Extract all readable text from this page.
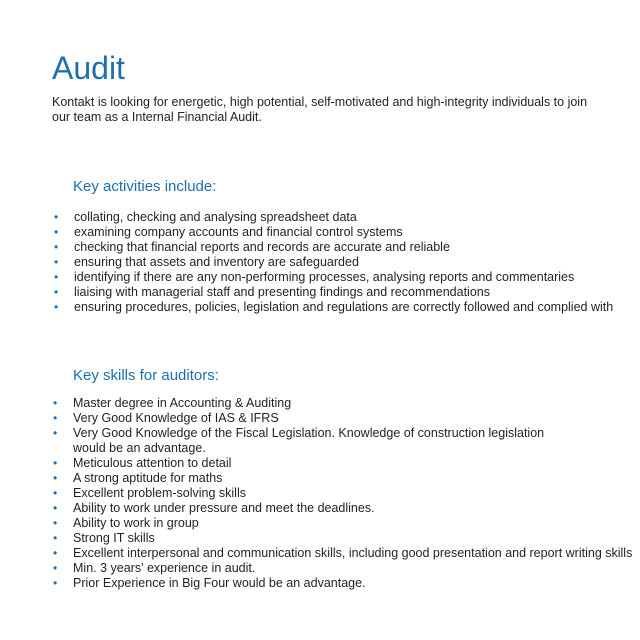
Audit

Kontakt is looking for energetic, high potential, self-motivated and high-integrity individuals to join our team as a Internal Financial Audit.

Key activities include:
• collating, checking and analysing spreadsheet data
• examining company accounts and financial control systems
• checking that financial reports and records are accurate and reliable
• ensuring that assets and inventory are safeguarded
• identifying if there are any non-performing processes, analysing reports and commentaries
• liaising with managerial staff and presenting findings and recommendations
• ensuring procedures, policies, legislation and regulations are correctly followed and complied with
Key skills for auditors:
• Master degree in Accounting & Auditing
• Very Good Knowledge of IAS & IFRS
• Very Good Knowledge of the Fiscal Legislation. Knowledge of construction legislation
would be an advantage.
• Meticulous attention to detail
• A strong aptitude for maths
• Excellent problem-solving skills
• Ability to work under pressure and meet the deadlines.
• Ability to work in group
• Strong IT skills
• Excellent interpersonal and communication skills, including good presentation and report writing skills
• Min. 3 years' experience in audit.
• Prior Experience in Big Four would be an advantage.
